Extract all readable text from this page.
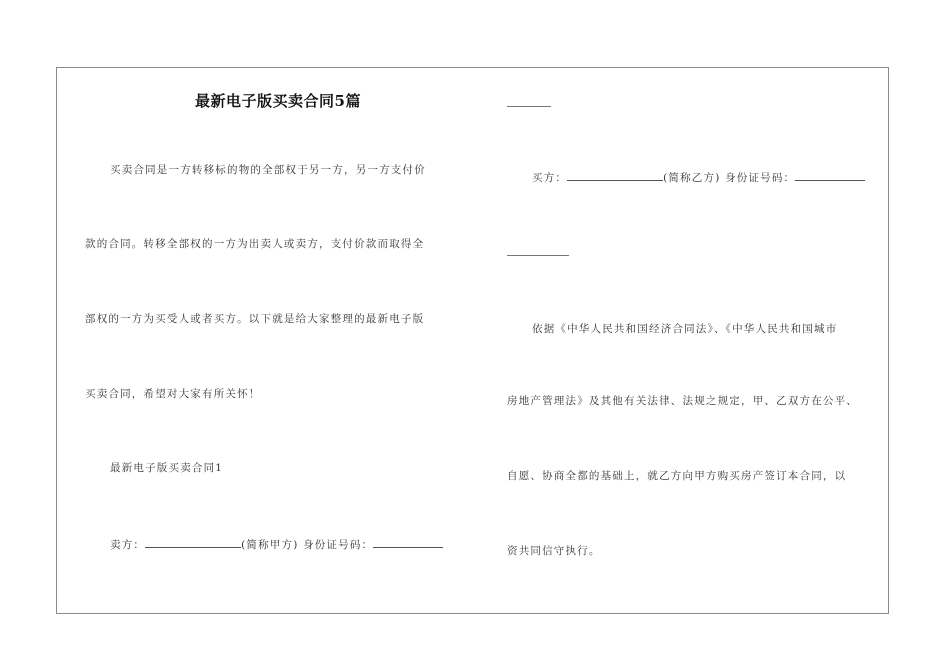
最新电子版买卖合同5篇
买卖合同是一方转移标的物的全部权于另一方，另一方支付价
款的合同。转移全部权的一方为出卖人或卖方，支付价款而取得全
部权的一方为买受人或者买方。以下就是给大家整理的最新电子版
买卖合同，希望对大家有所关怀！
最新电子版买卖合同1
卖方：	(简称甲方) 身份证号码：
买方：	(简称乙方) 身份证号码：
依据《中华人民共和国经济合同法》、《中华人民共和国城市
房地产管理法》及其他有关法律、法规之规定，甲、乙双方在公平、
自愿、协商全都的基础上，就乙方向甲方购买房产签订本合同，以
资共同信守执行。
